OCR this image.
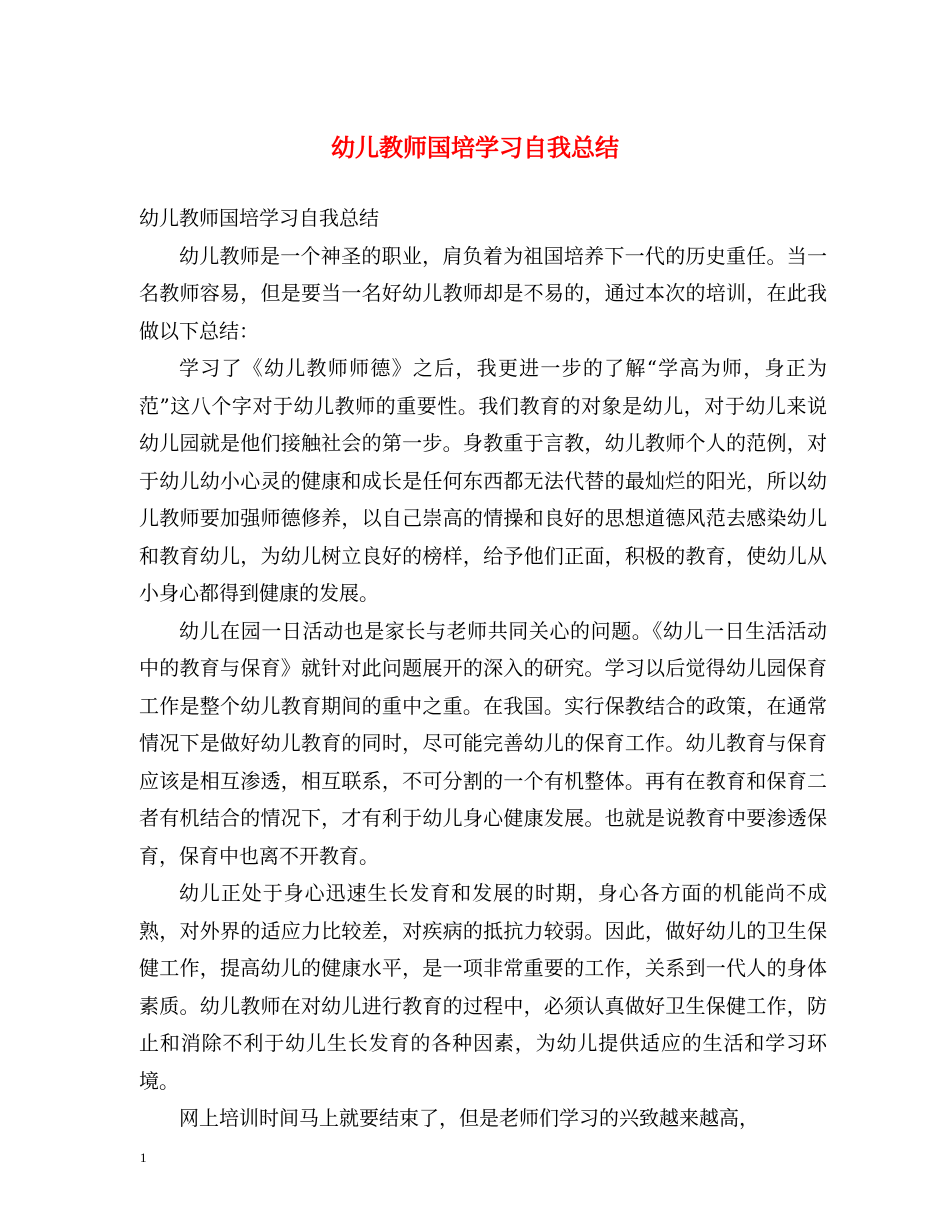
幼儿教师国培学习自我总结

幼儿教师国培学习自我总结

幼儿教师是一个神圣的职业，肩负着为祖国培养下一代的历史重任。当一名教师容易，但是要当一名好幼儿教师却是不易的，通过本次的培训，在此我做以下总结：

学习了《幼儿教师师德》之后，我更进一步的了解“学高为师，身正为范”这八个字对于幼儿教师的重要性。我们教育的对象是幼儿，对于幼儿来说幼儿园就是他们接触社会的第一步。身教重于言教，幼儿教师个人的范例，对于幼儿幼小心灵的健康和成长是任何东西都无法代替的最灿烂的阳光，所以幼儿教师要加强师德修养，以自己崇高的情操和良好的思想道德风范去感染幼儿和教育幼儿，为幼儿树立良好的榜样，给予他们正面，积极的教育，使幼儿从小身心都得到健康的发展。

幼儿在园一日活动也是家长与老师共同关心的问题。《幼儿一日生活活动中的教育与保育》就针对此问题展开的深入的研究。学习以后觉得幼儿园保育工作是整个幼儿教育期间的重中之重。在我国。实行保教结合的政策，在通常情况下是做好幼儿教育的同时，尽可能完善幼儿的保育工作。幼儿教育与保育应该是相互渗透，相互联系，不可分割的一个有机整体。再有在教育和保育二者有机结合的情况下，才有利于幼儿身心健康发展。也就是说教育中要渗透保育，保育中也离不开教育。

幼儿正处于身心迅速生长发育和发展的时期，身心各方面的机能尚不成熟，对外界的适应力比较差，对疾病的抵抗力较弱。因此，做好幼儿的卫生保健工作，提高幼儿的健康水平，是一项非常重要的工作，关系到一代人的身体素质。幼儿教师在对幼儿进行教育的过程中，必须认真做好卫生保健工作，防止和消除不利于幼儿生长发育的各种因素，为幼儿提供适应的生活和学习环境。

网上培训时间马上就要结束了，但是老师们学习的兴致越来越高，

1
